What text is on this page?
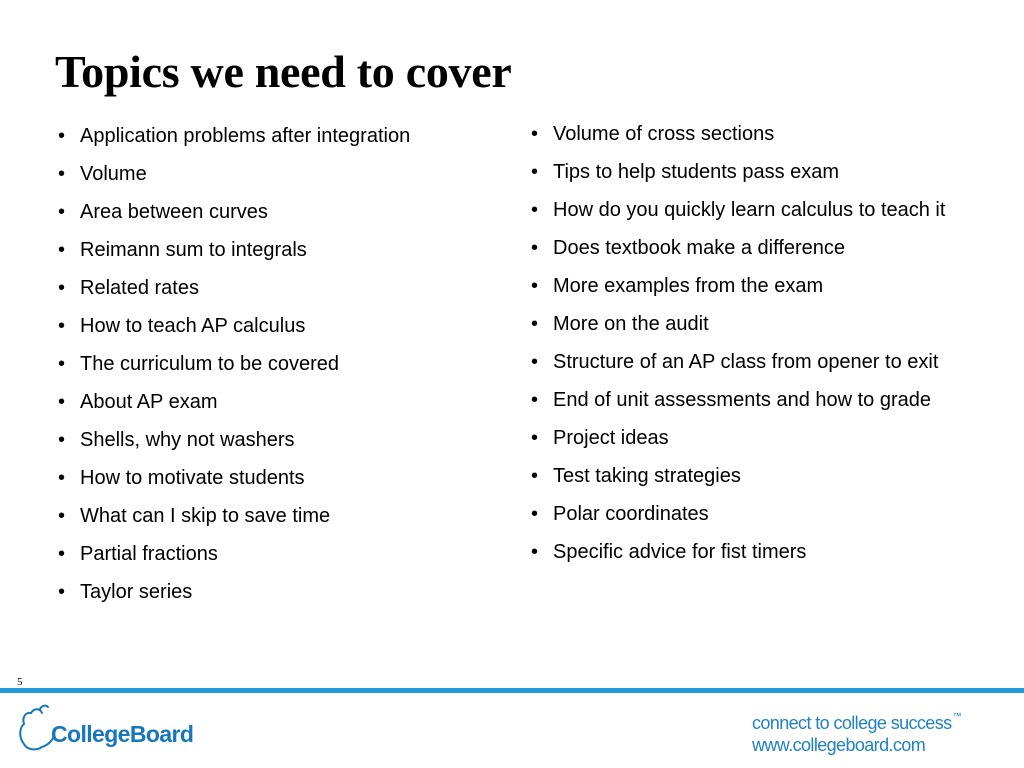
Topics we need to cover
• Application problems after integration
• Volume
• Area between curves
• Reimann sum to integrals
• Related rates
• How to teach AP calculus
• The curriculum to be covered
• About AP exam
• Shells, why not washers
• How to motivate students
• What can I skip to save time
• Partial fractions
• Taylor series
• Volume of cross sections
• Tips to help students pass exam
• How do you quickly learn calculus to teach it
• Does textbook make a difference
• More examples from the exam
• More on the audit
• Structure of an AP class from opener to exit
• End of unit assessments and how to grade
• Project ideas
• Test taking strategies
• Polar coordinates
• Specific advice for fist timers
5
CollegeBoard	connect to college success™
www.collegeboard.com
